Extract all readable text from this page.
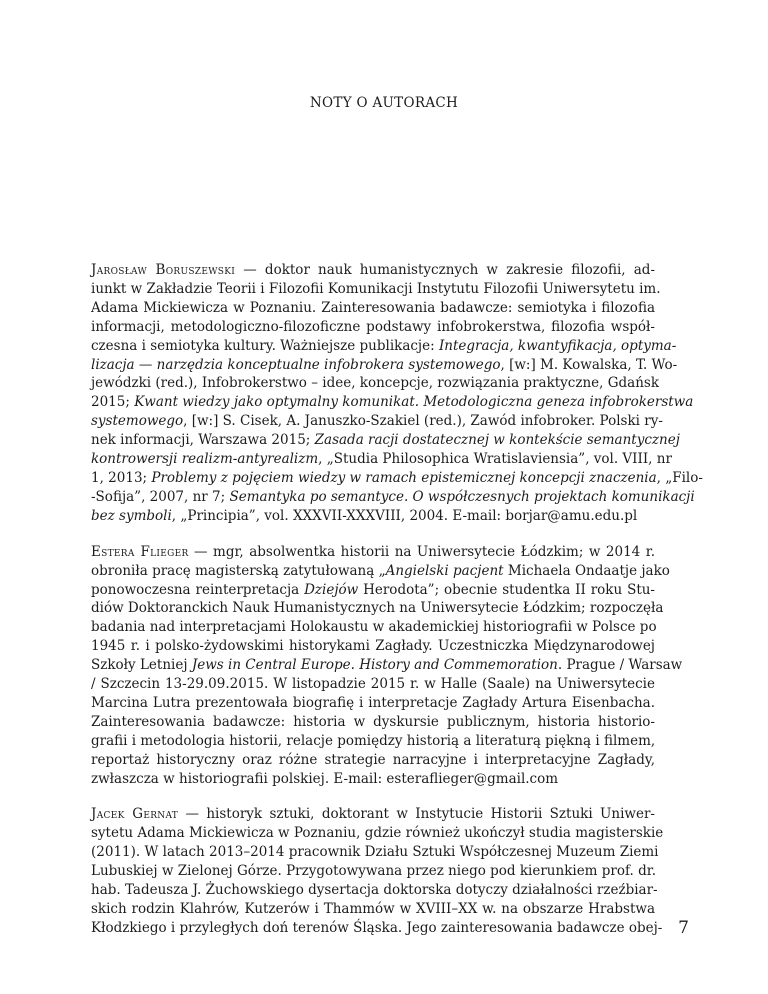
NOTY O AUTORACH
Jarosław Boruszewski — doktor nauk humanistycznych w zakresie filozofii, ad-
iunkt w Zakładzie Teorii i Filozofii Komunikacji Instytutu Filozofii Uniwersytetu im.
Adama Mickiewicza w Poznaniu. Zainteresowania badawcze: semiotyka i filozofia
informacji, metodologiczno-filozoficzne podstawy infobrokerstwa, filozofia współ-
czesna i semiotyka kultury. Ważniejsze publikacje: Integracja, kwantyfikacja, optyma-
lizacja — narzędzia konceptualne infobrokera systemowego, [w:] M. Kowalska, T. Wo-
jewódzki (red.), Infobrokerstwo – idee, koncepcje, rozwiązania praktyczne, Gdańsk
2015; Kwant wiedzy jako optymalny komunikat. Metodologiczna geneza infobrokerstwa
systemowego, [w:] S. Cisek, A. Januszko-Szakiel (red.), Zawód infobroker. Polski ry-
nek informacji, Warszawa 2015; Zasada racji dostatecznej w kontekście semantycznej
kontrowersji realizm-antyrealizm, „Studia Philosophica Wratislaviensia”, vol. VIII, nr
1, 2013; Problemy z pojęciem wiedzy w ramach epistemicznej koncepcji znaczenia, „Filo-
-Sofija”, 2007, nr 7; Semantyka po semantyce. O współczesnych projektach komunikacji
bez symboli, „Principia”, vol. XXXVII-XXXVIII, 2004. E-mail: borjar@amu.edu.pl
Estera Flieger — mgr, absolwentka historii na Uniwersytecie Łódzkim; w 2014 r.
obroniła pracę magisterską zatytułowaną „Angielski pacjent Michaela Ondaatje jako
ponowoczesna reinterpretacja Dziejów Herodota”; obecnie studentka II roku Stu-
diów Doktoranckich Nauk Humanistycznych na Uniwersytecie Łódzkim; rozpoczęła
badania nad interpretacjami Holokaustu w akademickiej historiografii w Polsce po
1945 r. i polsko-żydowskimi historykami Zagłady. Uczestniczka Międzynarodowej
Szkoły Letniej Jews in Central Europe. History and Commemoration. Prague / Warsaw
/ Szczecin 13-29.09.2015. W listopadzie 2015 r. w Halle (Saale) na Uniwersytecie
Marcina Lutra prezentowała biografię i interpretacje Zagłady Artura Eisenbacha.
Zainteresowania badawcze: historia w dyskursie publicznym, historia historio-
grafii i metodologia historii, relacje pomiędzy historią a literaturą piękną i filmem,
reportaż historyczny oraz różne strategie narracyjne i interpretacyjne Zagłady,
zwłaszcza w historiografii polskiej. E-mail: esteraflieger@gmail.com
Jacek Gernat — historyk sztuki, doktorant w Instytucie Historii Sztuki Uniwer-
sytetu Adama Mickiewicza w Poznaniu, gdzie również ukończył studia magisterskie
(2011). W latach 2013–2014 pracownik Działu Sztuki Współczesnej Muzeum Ziemi
Lubuskiej w Zielonej Górze. Przygotowywana przez niego pod kierunkiem prof. dr.
hab. Tadeusza J. Żuchowskiego dysertacja doktorska dotyczy działalności rzeźbiar-
skich rodzin Klahrów, Kutzerów i Thammów w XVIII–XX w. na obszarze Hrabstwa
Kłodzkiego i przyległych doń terenów Śląska. Jego zainteresowania badawcze obej- 7
